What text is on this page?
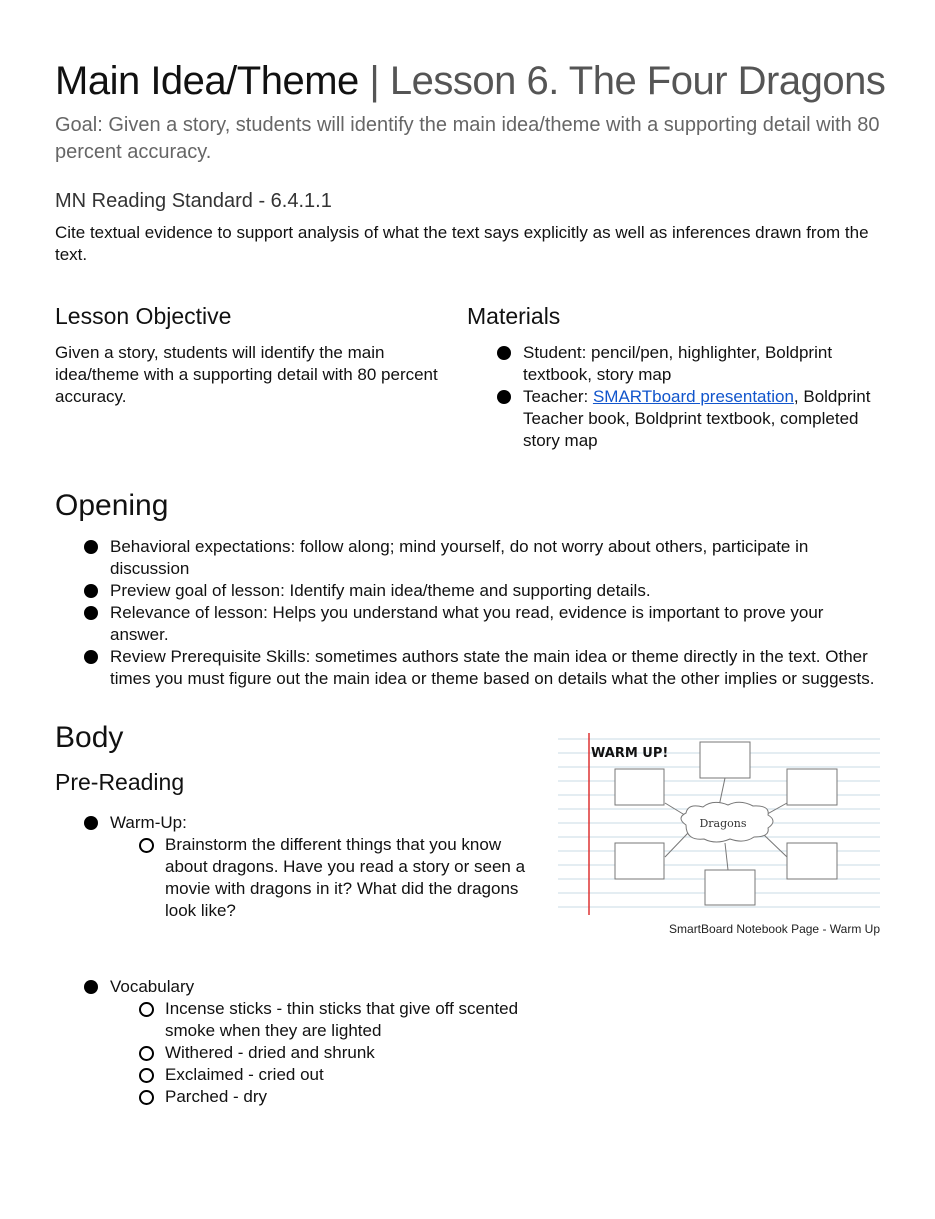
Main Idea/Theme | Lesson 6. The Four Dragons

Goal: Given a story, students will identify the main idea/theme with a supporting detail with 80 percent accuracy.

MN Reading Standard - 6.4.1.1

Cite textual evidence to support analysis of what the text says explicitly as well as inferences drawn from the text.

Lesson Objective

Given a story, students will identify the main idea/theme with a supporting detail with 80 percent accuracy.

Materials
Student: pencil/pen, highlighter, Boldprint textbook, story map
Teacher: SMARTboard presentation, Boldprint Teacher book, Boldprint textbook, completed story map
Opening
Behavioral expectations: follow along; mind yourself, do not worry about others, participate in discussion
Preview goal of lesson: Identify main idea/theme and supporting details.
Relevance of lesson: Helps you understand what you read, evidence is important to prove your answer.
Review Prerequisite Skills: sometimes authors state the main idea or theme directly in the text. Other times you must figure out the main idea or theme based on details what the other implies or suggests.
Body
Pre-Reading
Warm-Up:
Brainstorm the different things that you know about dragons. Have you read a story or seen a movie with dragons in it? What did the dragons look like?
Vocabulary
Incense sticks - thin sticks that give off scented smoke when they are lighted
Withered - dried and shrunk
Exclaimed - cried out
Parched - dry
WARM UP!
Dragons
SmartBoard Notebook Page - Warm Up
